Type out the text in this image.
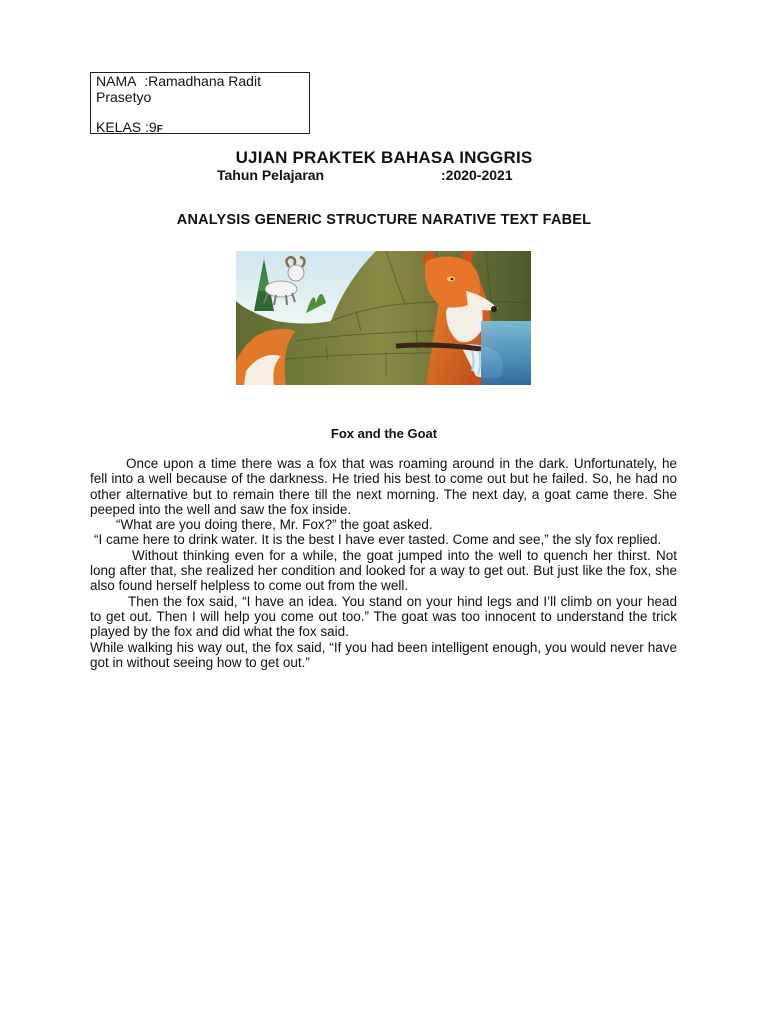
NAMA :Ramadhana Radit Prasetyo
KELAS :9F
UJIAN PRAKTEK BAHASA INGGRIS
Tahun Pelajaran	:2020-2021
ANALYSIS GENERIC STRUCTURE NARATIVE TEXT FABEL
Fox and the Goat

Once upon a time there was a fox that was roaming around in the dark. Unfortunately, he fell into a well because of the darkness. He tried his best to come out but he failed. So, he had no other alternative but to remain there till the next morning. The next day, a goat came there. She peeped into the well and saw the fox inside.

“What are you doing there, Mr. Fox?” the goat asked.

“I came here to drink water. It is the best I have ever tasted. Come and see,” the sly fox replied.

Without thinking even for a while, the goat jumped into the well to quench her thirst. Not long after that, she realized her condition and looked for a way to get out. But just like the fox, she also found herself helpless to come out from the well.

Then the fox said, “I have an idea. You stand on your hind legs and I’ll climb on your head to get out. Then I will help you come out too.” The goat was too innocent to understand the trick played by the fox and did what the fox said.

While walking his way out, the fox said, “If you had been intelligent enough, you would never have got in without seeing how to get out.”
